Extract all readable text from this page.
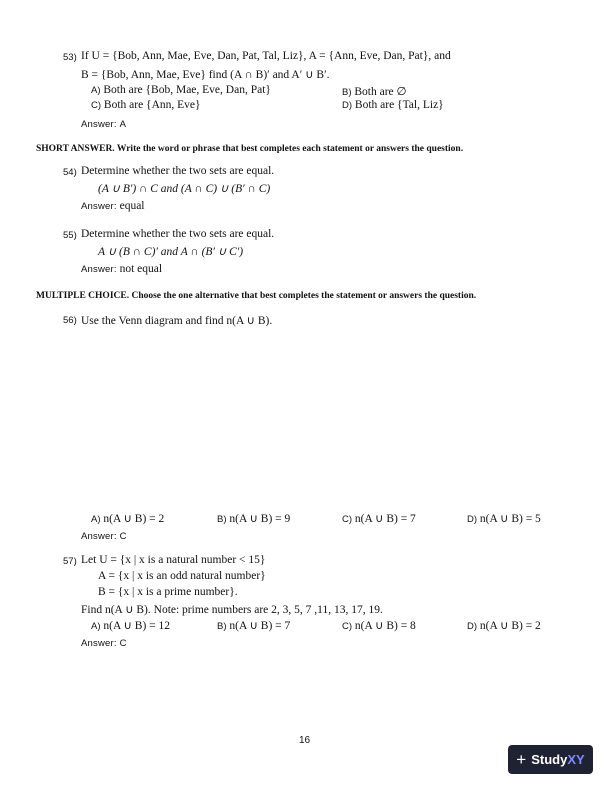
53) If U = {Bob, Ann, Mae, Eve, Dan, Pat, Tal, Liz}, A = {Ann, Eve, Dan, Pat}, and
B = {Bob, Ann, Mae, Eve} find (A ∩ B)′ and A′ ∪ B′.
A) Both are {Bob, Mae, Eve, Dan, Pat}	B) Both are ∅
C) Both are {Ann, Eve}	D) Both are {Tal, Liz}
Answer: A
SHORT ANSWER. Write the word or phrase that best completes each statement or answers the question.
54) Determine whether the two sets are equal.
(A ∪ B′) ∩ C and (A ∩ C) ∪ (B′ ∩ C)
Answer: equal
55) Determine whether the two sets are equal.
A ∪ (B ∩ C)′ and A ∩ (B′ ∪ C′)
Answer: not equal
MULTIPLE CHOICE. Choose the one alternative that best completes the statement or answers the question.
56) Use the Venn diagram and find n(A ∪ B).
A) n(A ∪ B) = 2	B) n(A ∪ B) = 9	C) n(A ∪ B) = 7	D) n(A ∪ B) = 5
Answer: C
57) Let U = {x | x is a natural number < 15}
A = {x | x is an odd natural number}
B = {x | x is a prime number}.
Find n(A ∪ B). Note: prime numbers are 2, 3, 5, 7 ,11, 13, 17, 19.
A) n(A ∪ B) = 12	B) n(A ∪ B) = 7	C) n(A ∪ B) = 8	D) n(A ∪ B) = 2
Answer: C
16
+ StudyXY
